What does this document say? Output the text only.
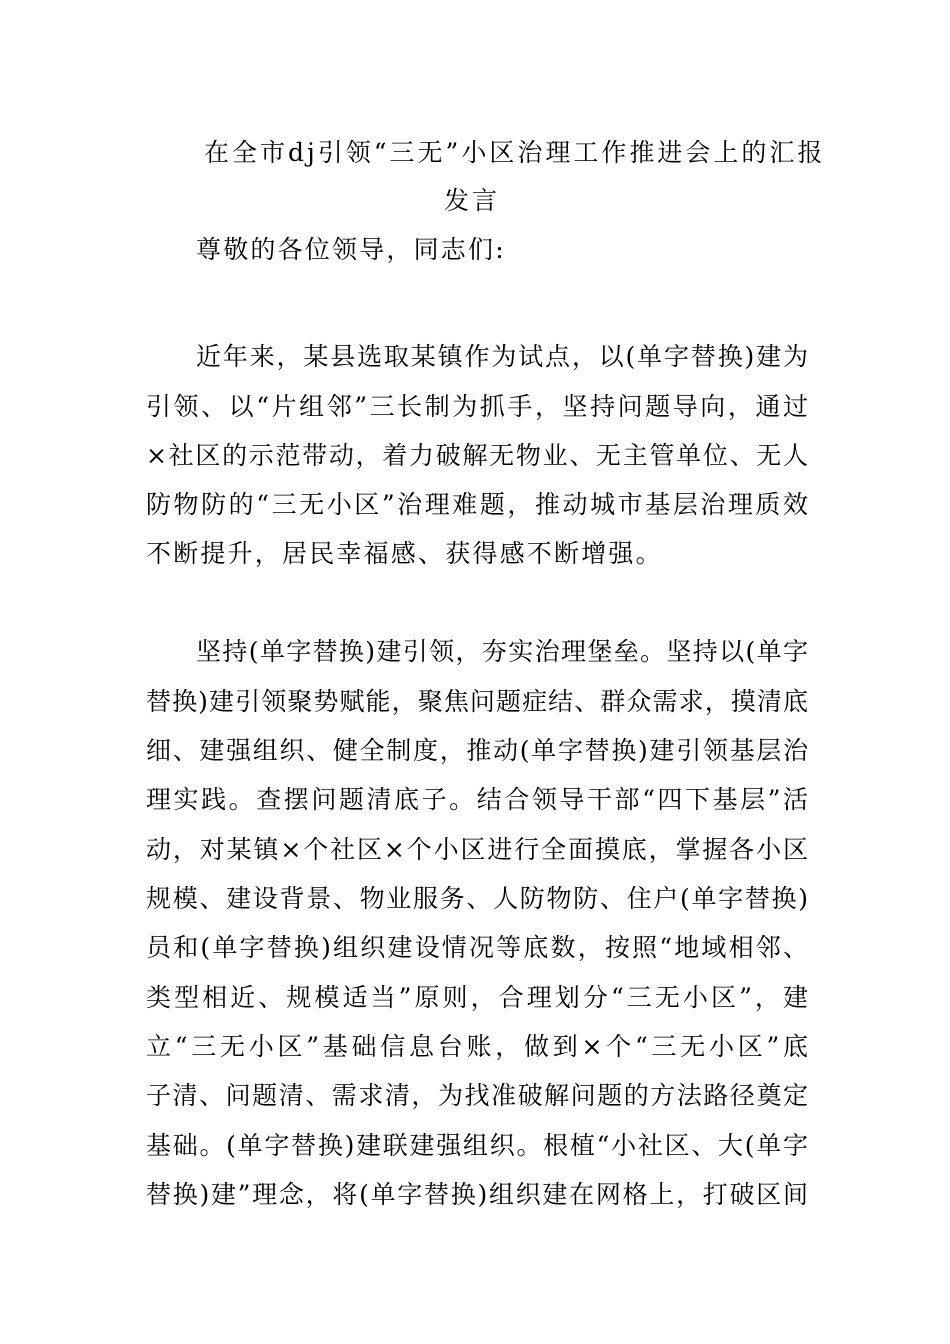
在全市dj引领“三无”小区治理工作推进会上的汇报
发言
尊敬的各位领导，同志们:
近年来，某县选取某镇作为试点，以(单字替换)建为
引领、以“片组邻”三长制为抓手，坚持问题导向，通过
×社区的示范带动，着力破解无物业、无主管单位、无人
防物防的“三无小区”治理难题，推动城市基层治理质效
不断提升，居民幸福感、获得感不断增强。
坚持(单字替换)建引领，夯实治理堡垒。坚持以(单字
替换)建引领聚势赋能，聚焦问题症结、群众需求，摸清底
细、建强组织、健全制度，推动(单字替换)建引领基层治
理实践。查摆问题清底子。结合领导干部“四下基层”活
动，对某镇×个社区×个小区进行全面摸底，掌握各小区
规模、建设背景、物业服务、人防物防、住户(单字替换)
员和(单字替换)组织建设情况等底数，按照“地域相邻、
类型相近、规模适当”原则，合理划分“三无小区”，建
立“三无小区”基础信息台账，做到×个“三无小区”底
子清、问题清、需求清，为找准破解问题的方法路径奠定
基础。(单字替换)建联建强组织。根植“小社区、大(单字
替换)建”理念，将(单字替换)组织建在网格上，打破区间
